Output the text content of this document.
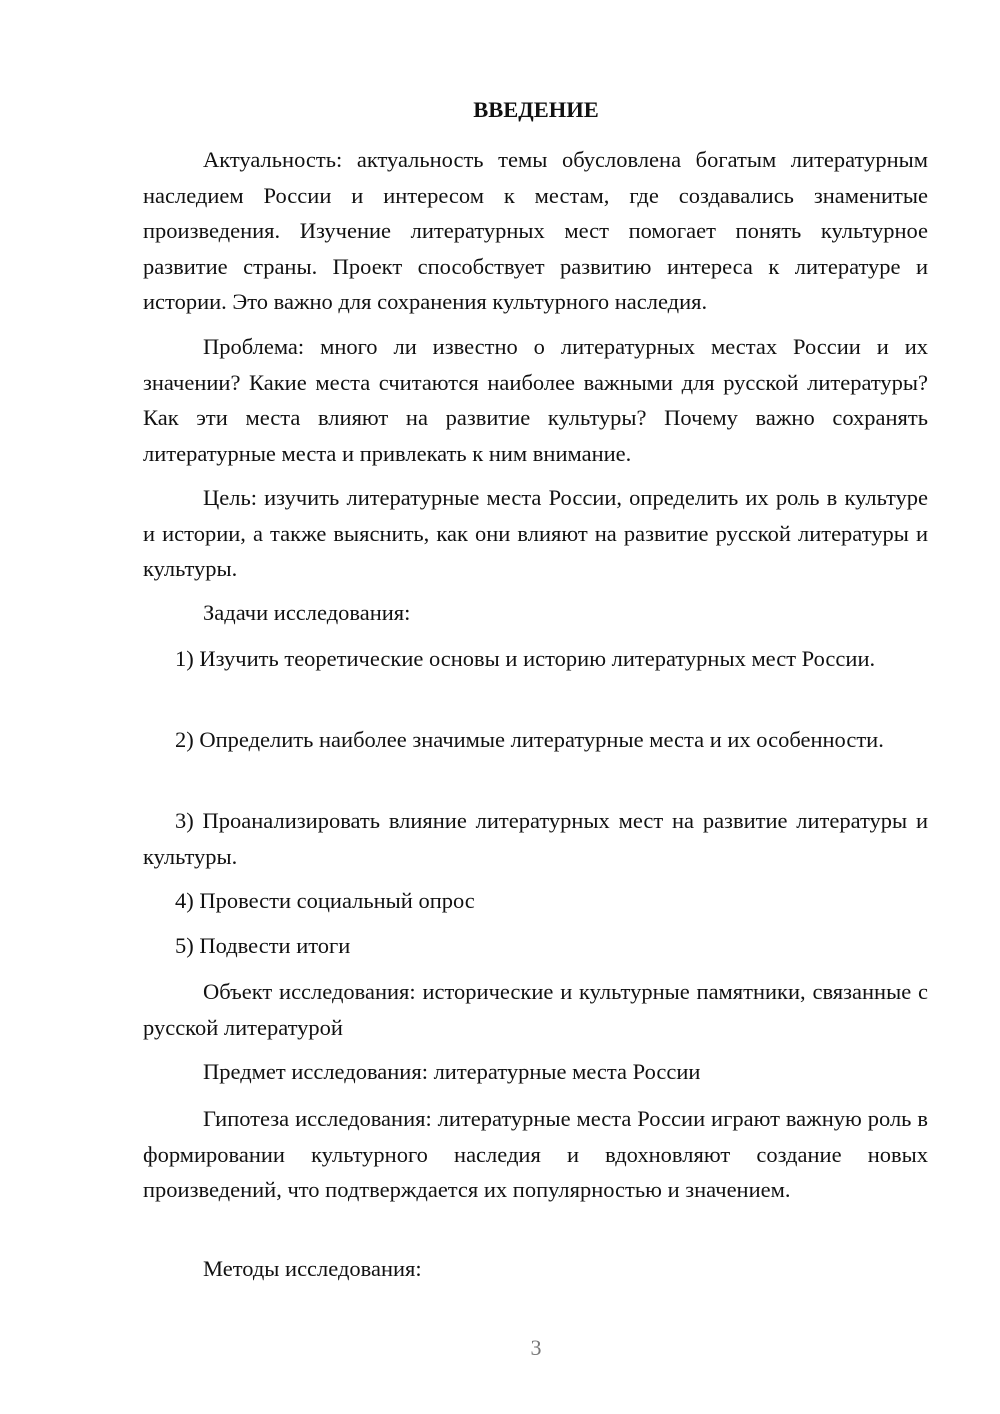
ВВЕДЕНИЕ

Актуальность: актуальность темы обусловлена богатым литературным наследием России и интересом к местам, где создавались знаменитые произведения. Изучение литературных мест помогает понять культурное развитие страны. Проект способствует развитию интереса к литературе и истории. Это важно для сохранения культурного наследия.

Проблема: много ли известно о литературных местах России и их значении? Какие места считаются наиболее важными для русской литературы? Как эти места влияют на развитие культуры? Почему важно сохранять литературные места и привлекать к ним внимание.

Цель: изучить литературные места России, определить их роль в культуре и истории, а также выяснить, как они влияют на развитие русской литературы и культуры.

Задачи исследования:

1) Изучить теоретические основы и историю литературных мест России.

2) Определить наиболее значимые литературные места и их особенности.

3) Проанализировать влияние литературных мест на развитие литературы и культуры.

4) Провести социальный опрос

5) Подвести итоги

Объект исследования: исторические и культурные памятники, связанные с русской литературой

Предмет исследования: литературные места России

Гипотеза исследования: литературные места России играют важную роль в формировании культурного наследия и вдохновляют создание новых произведений, что подтверждается их популярностью и значением.

Методы исследования:

3
